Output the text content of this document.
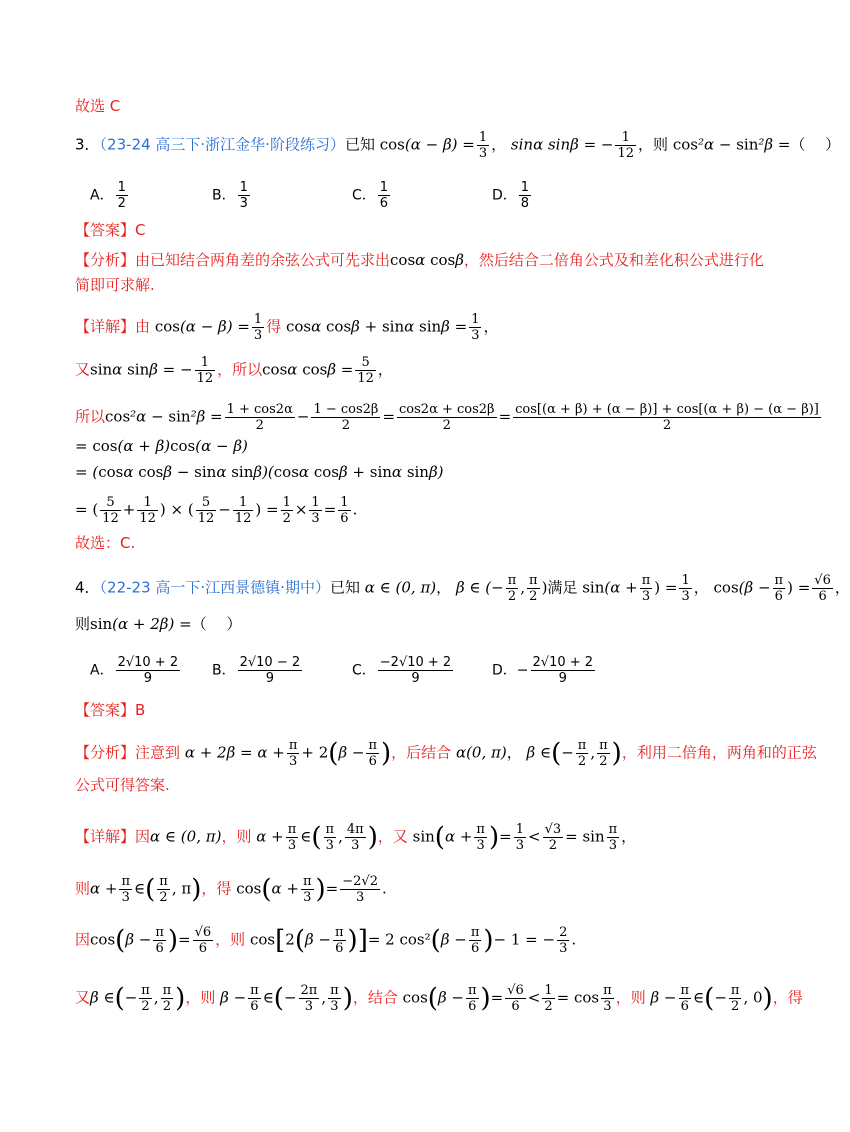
故选 C
3．（23-24 高三下·浙江金华·阶段练习）已知 $\cos(\alpha - \beta) = \frac{1}{3}$ ， sinα sinβ = − $\frac{1}{12}$ ，则 cos²α − sin²β =（　 ）
A． $\frac{1}{2}$	B． $\frac{1}{3}$	C． $\frac{1}{6}$	D． $\frac{1}{8}$
【答案】C
【分析】由已知结合两角差的余弦公式可先求出cosα cosβ，然后结合二倍角公式及和差化积公式进行化
简即可求解.
【详解】由 $\cos(\alpha - \beta) = \frac{1}{3}$ 得 cosα cosβ + sinα $\sin\beta = \frac{1}{3}$ ，
又sinα sinβ = − $\frac{1}{12}$ ，所以cosα $\cos\beta = \frac{5}{12}$ ，
所以$\cos^2\alpha - \sin^2\beta = \frac{1 + \cos 2\alpha}{2} - \frac{1 - \cos 2\beta}{2} = \frac{\cos 2\alpha + \cos 2\beta}{2} = \frac{\cos[(\alpha + \beta) + (\alpha - \beta)] + \cos[(\alpha + \beta) - (\alpha - \beta)]}{2}$
= cos(α + β)cos(α − β)
= (cosα cosβ − sinα sinβ)(cosα cosβ + sinα sinβ)
= ( $\frac{5}{12} + \frac{1}{12}$ ) × ( $\frac{5}{12} - \frac{1}{12}$ ) = $\frac{1}{2} \times \frac{1}{3} = \frac{1}{6}$ .
故选：C.
4．（22-23 高一下·江西景德镇·期中）已知 α ∈ (0, π)， β ∈ (− $\frac{\pi}{2}$ , $\frac{\pi}{2}$ )满足 $\sin(\alpha + \frac{\pi}{3}$ ) = $\frac{1}{3}$ ， $\cos(\beta - \frac{\pi}{6}$ ) = $\frac{√6}{6}$ ，
则sin(α + 2β) =（　 ）
A． $\frac{2√10 + 2}{9}$ B． $\frac{2√10 - 2}{9}$	C． $\frac{-2√10 + 2}{9}$	D．− $\frac{2√10 + 2}{9}$
【答案】B
【分析】注意到 $\alpha + 2\beta = \alpha + \frac{\pi}{3} + 2(\beta - \frac{\pi}{6}$ )，后结合 α(0, π)， β ∈(− $\frac{\pi}{2}$ , $\frac{\pi}{2}$ )，利用二倍角，两角和的正弦
公式可得答案.
【详解】因α ∈ (0, π)，则 $\alpha + \frac{\pi}{3}$ ∈( $\frac{\pi}{3}$ , $\frac{4\pi}{3}$ )，又 $\sin(\alpha + \frac{\pi}{3}$ )= $\frac{1}{3} < \frac{√3}{2} = \sin \frac{\pi}{3}$ ，
则$\alpha + \frac{\pi}{3}$ ∈( $\frac{\pi}{2}$ , π)，得 $\cos(\alpha + \frac{\pi}{3}$ )= $\frac{-2√2}{3}$ .
因$\cos(\beta - \frac{\pi}{6}$ )= $\frac{√6}{6}$ ，则 $\cos[2(\beta - \frac{\pi}{6}$ )]= 2 $\cos^2(\beta - \frac{\pi}{6}$ )− 1 = − $\frac{2}{3}$ .
又β ∈(− $\frac{\pi}{2}$ , $\frac{\pi}{2}$ )，则 $\beta - \frac{\pi}{6}$ ∈(− $\frac{2\pi}{3}$ , $\frac{\pi}{3}$ )，结合 $\cos(\beta - \frac{\pi}{6}$ )= $\frac{√6}{6} < \frac{1}{2} = \cos \frac{\pi}{3}$ ，则 $\beta - \frac{\pi}{6}$ ∈(− $\frac{\pi}{2}$ , 0)，得
